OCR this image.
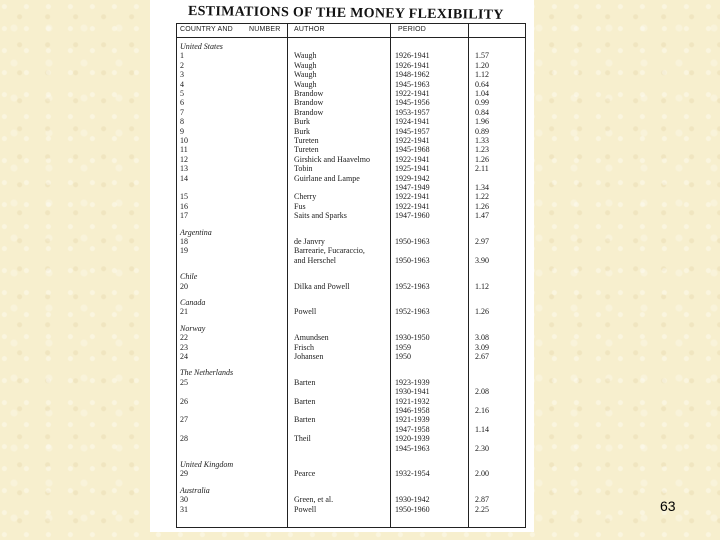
ESTIMATIONS OF THE MONEY FLEXIBILITY
COUNTRY AND NUMBER AUTHOR	PERIOD
United States
1	Waugh	1926-1941	1.57
2	Waugh	1926-1941	1.20
3	Waugh	1948-1962	1.12
4	Waugh	1945-1963	0.64
5	Brandow	1922-1941	1.04
6	Brandow	1945-1956	0.99
7	Brandow	1953-1957	0.84
8	Burk	1924-1941	1.96
9	Burk	1945-1957	0.89
10	Tureten	1922-1941	1.33
11	Tureten	1945-1968	1.23
12	Girshick and Haavelmo	1922-1941	1.26
13	Tobin	1925-1941	2.11
14	Guirlane and Lampe	1929-1942
1947-1949	1.34
15	Cherry	1922-1941	1.22
16	Fus	1922-1941	1.26
17	Saits and Sparks	1947-1960	1.47
Argentina
18	de Janvry	1950-1963	2.97
19	Barrearie, Fucaraccio,
and Herschel	1950-1963	3.90
Chile
20	Dilka and Powell	1952-1963	1.12
Canada
21	Powell	1952-1963	1.26
Norway
22	Amundsen	1930-1950	3.08
23	Frisch	1959	3.09
24	Johansen	1950	2.67
The Netherlands
25	Barten	1923-1939
1930-1941	2.08
26	Barten	1921-1932
1946-1958	2.16
27	Barten	1921-1939
1947-1958	1.14
28	Theil	1920-1939
1945-1963	2.30
United Kingdom
29	Pearce	1932-1954	2.00
Australia
30	Green, et al.	1930-1942	2.87
31	Powell	1950-1960	2.25	63
